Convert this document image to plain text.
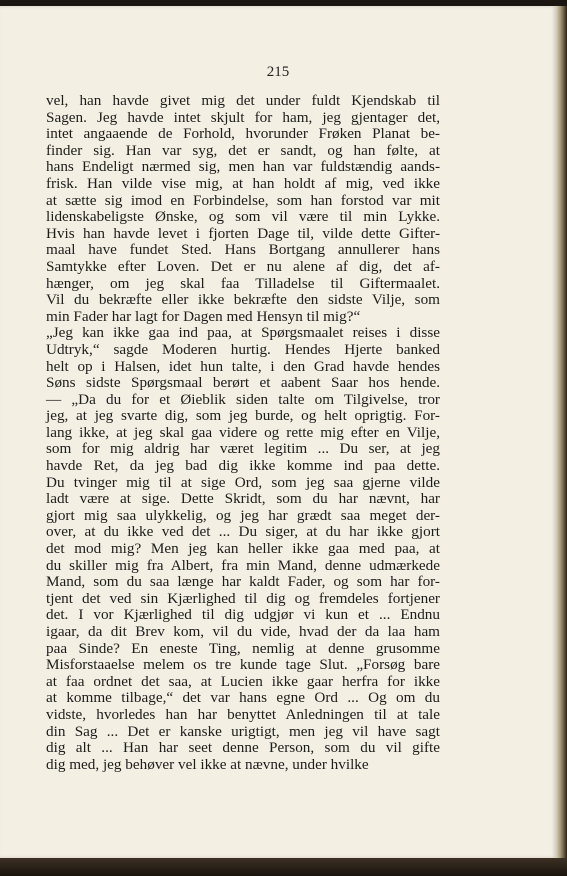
215
vel, han havde givet mig det under fuldt Kjendskab til
Sagen. Jeg havde intet skjult for ham, jeg gjentager det,
intet angaaende de Forhold, hvorunder Frøken Planat be-
finder sig. Han var syg, det er sandt, og han følte, at
hans Endeligt nærmed sig, men han var fuldstændig aands-
frisk. Han vilde vise mig, at han holdt af mig, ved ikke
at sætte sig imod en Forbindelse, som han forstod var mit
lidenskabeligste Ønske, og som vil være til min Lykke.
Hvis han havde levet i fjorten Dage til, vilde dette Gifter-
maal have fundet Sted. Hans Bortgang annullerer hans
Samtykke efter Loven. Det er nu alene af dig, det af-
hænger, om jeg skal faa Tilladelse til Giftermaalet.
Vil du bekræfte eller ikke bekræfte den sidste Vilje, som
min Fader har lagt for Dagen med Hensyn til mig?“
„Jeg kan ikke gaa ind paa, at Spørgsmaalet reises i disse
Udtryk,“ sagde Moderen hurtig. Hendes Hjerte banked
helt op i Halsen, idet hun talte, i den Grad havde hendes
Søns sidste Spørgsmaal berørt et aabent Saar hos hende.
— „Da du for et Øieblik siden talte om Tilgivelse, tror
jeg, at jeg svarte dig, som jeg burde, og helt oprigtig. For-
lang ikke, at jeg skal gaa videre og rette mig efter en Vilje,
som for mig aldrig har været legitim ... Du ser, at jeg
havde Ret, da jeg bad dig ikke komme ind paa dette.
Du tvinger mig til at sige Ord, som jeg saa gjerne vilde
ladt være at sige. Dette Skridt, som du har nævnt, har
gjort mig saa ulykkelig, og jeg har grædt saa meget der-
over, at du ikke ved det ... Du siger, at du har ikke gjort
det mod mig? Men jeg kan heller ikke gaa med paa, at
du skiller mig fra Albert, fra min Mand, denne udmærkede
Mand, som du saa længe har kaldt Fader, og som har for-
tjent det ved sin Kjærlighed til dig og fremdeles fortjener
det. I vor Kjærlighed til dig udgjør vi kun et ... Endnu
igaar, da dit Brev kom, vil du vide, hvad der da laa ham
paa Sinde? En eneste Ting, nemlig at denne grusomme
Misforstaaelse melem os tre kunde tage Slut. „Forsøg bare
at faa ordnet det saa, at Lucien ikke gaar herfra for ikke
at komme tilbage,“ det var hans egne Ord ... Og om du
vidste, hvorledes han har benyttet Anledningen til at tale
din Sag ... Det er kanske urigtigt, men jeg vil have sagt
dig alt ... Han har seet denne Person, som du vil gifte
dig med, jeg behøver vel ikke at nævne, under hvilke
